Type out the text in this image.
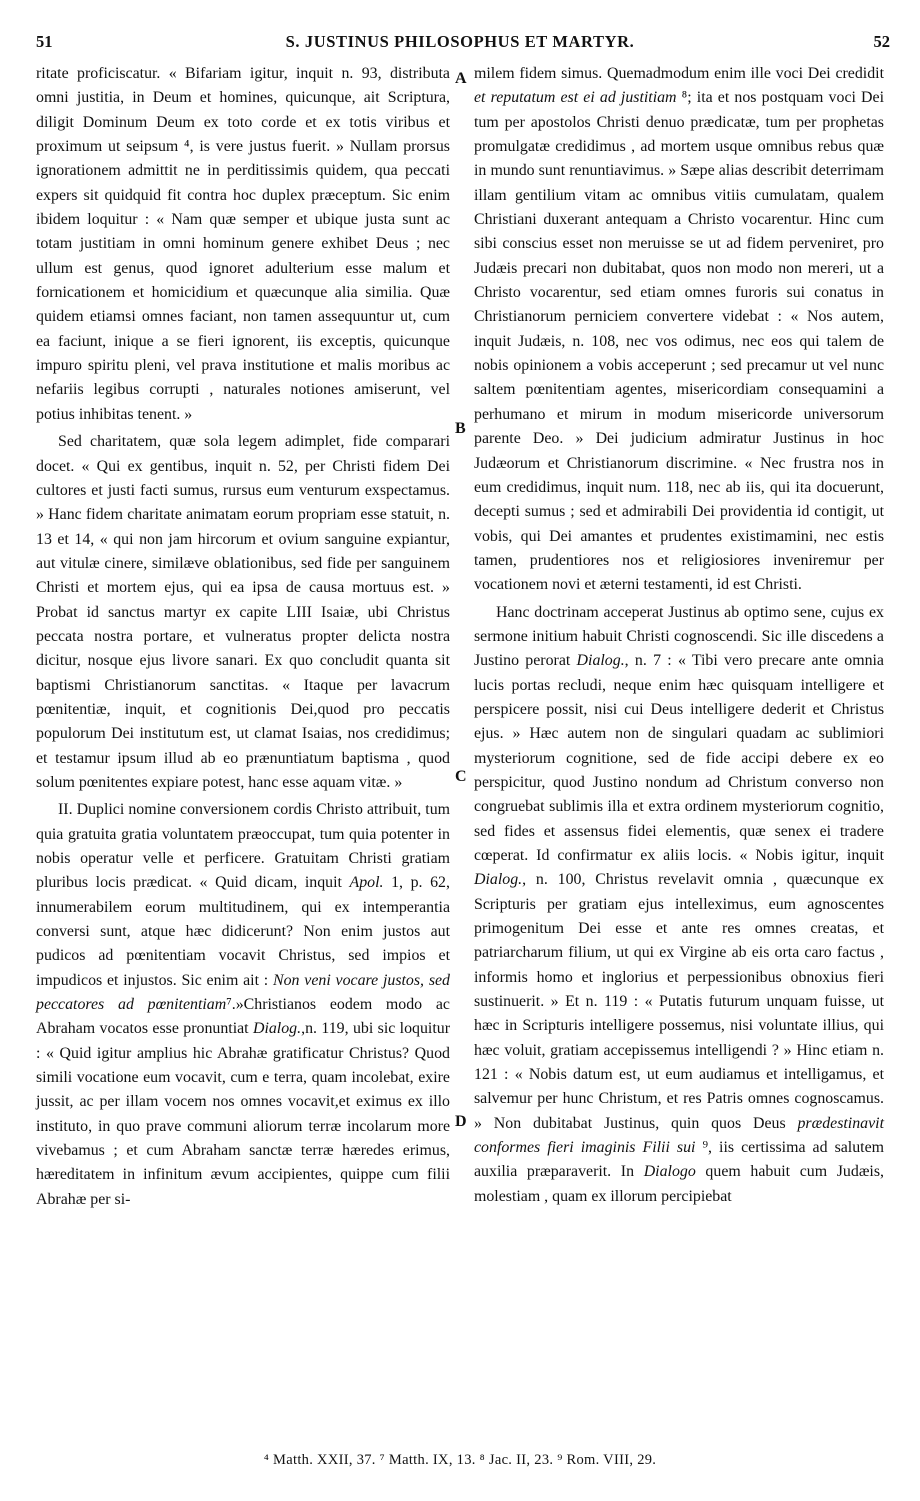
51	S. JUSTINUS PHILOSOPHUS ET MARTYR.	52
A
B
C
D

ritate proficiscatur. « Bifariam igitur, inquit n. 93, distributa omni justitia, in Deum et homines, quicunque, ait Scriptura, diligit Dominum Deum ex toto corde et ex totis viribus et proximum ut seipsum ⁴, is vere justus fuerit. » Nullam prorsus ignorationem admittit ne in perditissimis quidem, qua peccati expers sit quidquid fit contra hoc duplex præceptum. Sic enim ibidem loquitur : « Nam quæ semper et ubique justa sunt ac totam justitiam in omni hominum genere exhibet Deus ; nec ullum est genus, quod ignoret adulterium esse malum et fornicationem et homicidium et quæcunque alia similia. Quæ quidem etiamsi omnes faciant, non tamen assequuntur ut, cum ea faciunt, inique a se fieri ignorent, iis exceptis, quicunque impuro spiritu pleni, vel prava institutione et malis moribus ac nefariis legibus corrupti , naturales notiones amiserunt, vel potius inhibitas tenent. »

Sed charitatem, quæ sola legem adimplet, fide comparari docet. « Qui ex gentibus, inquit n. 52, per Christi fidem Dei cultores et justi facti sumus, rursus eum venturum exspectamus. » Hanc fidem charitate animatam eorum propriam esse statuit, n. 13 et 14, « qui non jam hircorum et ovium sanguine expiantur, aut vitulæ cinere, similæve oblationibus, sed fide per sanguinem Christi et mortem ejus, qui ea ipsa de causa mortuus est. » Probat id sanctus martyr ex capite LIII Isaiæ, ubi Christus peccata nostra portare, et vulneratus propter delicta nostra dicitur, nosque ejus livore sanari. Ex quo concludit quanta sit baptismi Christianorum sanctitas. « Itaque per lavacrum pœnitentiæ, inquit, et cognitionis Dei,quod pro peccatis populorum Dei institutum est, ut clamat Isaias, nos credidimus; et testamur ipsum illud ab eo prænuntiatum baptisma , quod solum pœnitentes expiare potest, hanc esse aquam vitæ. »

II. Duplici nomine conversionem cordis Christo attribuit, tum quia gratuita gratia voluntatem præoccupat, tum quia potenter in nobis operatur velle et perficere. Gratuitam Christi gratiam pluribus locis prædicat. « Quid dicam, inquit Apol. 1, p. 62, innumerabilem eorum multitudinem, qui ex intemperantia conversi sunt, atque hæc didicerunt? Non enim justos aut pudicos ad pœnitentiam vocavit Christus, sed impios et impudicos et injustos. Sic enim ait : Non veni vocare justos, sed peccatores ad pœnitentiam⁷.»Christianos eodem modo ac Abraham vocatos esse pronuntiat Dialog.,n. 119, ubi sic loquitur : « Quid igitur amplius hic Abrahæ gratificatur Christus? Quod simili vocatione eum vocavit, cum e terra, quam incolebat, exire jussit, ac per illam vocem nos omnes vocavit,et eximus ex illo instituto, in quo prave communi aliorum terræ incolarum more vivebamus ; et cum Abraham sanctæ terræ hæredes erimus, hæreditatem in infinitum ævum accipientes, quippe cum filii Abrahæ per si-

milem fidem simus. Quemadmodum enim ille voci Dei credidit et reputatum est ei ad justitiam ⁸; ita et nos postquam voci Dei tum per apostolos Christi denuo prædicatæ, tum per prophetas promulgatæ credidimus , ad mortem usque omnibus rebus quæ in mundo sunt renuntiavimus. » Sæpe alias describit deterrimam illam gentilium vitam ac omnibus vitiis cumulatam, qualem Christiani duxerant antequam a Christo vocarentur. Hinc cum sibi conscius esset non meruisse se ut ad fidem perveniret, pro Judæis precari non dubitabat, quos non modo non mereri, ut a Christo vocarentur, sed etiam omnes furoris sui conatus in Christianorum perniciem convertere videbat : « Nos autem, inquit Judæis, n. 108, nec vos odimus, nec eos qui talem de nobis opinionem a vobis acceperunt ; sed precamur ut vel nunc saltem pœnitentiam agentes, misericordiam consequamini a perhumano et mirum in modum misericorde universorum parente Deo. » Dei judicium admiratur Justinus in hoc Judæorum et Christianorum discrimine. « Nec frustra nos in eum credidimus, inquit num. 118, nec ab iis, qui ita docuerunt, decepti sumus ; sed et admirabili Dei providentia id contigit, ut vobis, qui Dei amantes et prudentes existimamini, nec estis tamen, prudentiores nos et religiosiores inveniremur per vocationem novi et æterni testamenti, id est Christi.

Hanc doctrinam acceperat Justinus ab optimo sene, cujus ex sermone initium habuit Christi cognoscendi. Sic ille discedens a Justino perorat Dialog., n. 7 : « Tibi vero precare ante omnia lucis portas recludi, neque enim hæc quisquam intelligere et perspicere possit, nisi cui Deus intelligere dederit et Christus ejus. » Hæc autem non de singulari quadam ac sublimiori mysteriorum cognitione, sed de fide accipi debere ex eo perspicitur, quod Justino nondum ad Christum converso non congruebat sublimis illa et extra ordinem mysteriorum cognitio, sed fides et assensus fidei elementis, quæ senex ei tradere cœperat. Id confirmatur ex aliis locis. « Nobis igitur, inquit Dialog., n. 100, Christus revelavit omnia , quæcunque ex Scripturis per gratiam ejus intelleximus, eum agnoscentes primogenitum Dei esse et ante res omnes creatas, et patriarcharum filium, ut qui ex Virgine ab eis orta caro factus , informis homo et inglorius et perpessionibus obnoxius fieri sustinuerit. » Et n. 119 : « Putatis futurum unquam fuisse, ut hæc in Scripturis intelligere possemus, nisi voluntate illius, qui hæc voluit, gratiam accepissemus intelligendi ? » Hinc etiam n. 121 : « Nobis datum est, ut eum audiamus et intelligamus, et salvemur per hunc Christum, et res Patris omnes cognoscamus. » Non dubitabat Justinus, quin quos Deus prædestinavit conformes fieri imaginis Filii sui ⁹, iis certissima ad salutem auxilia præparaverit. In Dialogo quem habuit cum Judæis, molestiam , quam ex illorum percipiebat

⁴ Matth. XXII, 37. ⁷ Matth. IX, 13. ⁸ Jac. II, 23. ⁹ Rom. VIII, 29.
